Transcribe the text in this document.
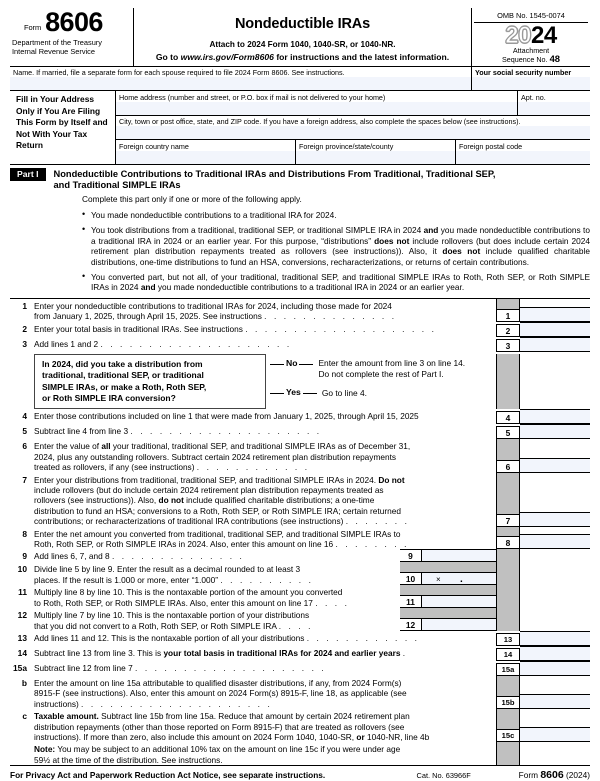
Form 8606
Department of the Treasury
Internal Revenue Service
Nondeductible IRAs
Attach to 2024 Form 1040, 1040-SR, or 1040-NR.
Go to www.irs.gov/Form8606 for instructions and the latest information.
OMB No. 1545-0074
2024
Attachment
Sequence No. 48
Name. If married, file a separate form for each spouse required to file 2024 Form 8606. See instructions.	Your social security number
Fill in Your Address Only if You Are Filing This Form by Itself and Not With Your Tax Return
Home address (number and street, or P.O. box if mail is not delivered to your home)	Apt. no.
City, town or post office, state, and ZIP code. If you have a foreign address, also complete the spaces below (see instructions).
Foreign country name	Foreign province/state/county	Foreign postal code
Part I	Nondeductible Contributions to Traditional IRAs and Distributions From Traditional, Traditional SEP,
and Traditional SIMPLE IRAs
Complete this part only if one or more of the following apply.
• You made nondeductible contributions to a traditional IRA for 2024.
• You took distributions from a traditional, traditional SEP, or traditional SIMPLE IRA in 2024 and you made nondeductible contributions to a traditional IRA in 2024 or an earlier year. For this purpose, “distributions” does not include rollovers (but does include certain 2024 retirement plan distribution repayments treated as rollovers (see instructions)). Also, it does not include qualified charitable distributions, one-time distributions to fund an HSA, conversions, recharacterizations, or returns of certain contributions.
• You converted part, but not all, of your traditional, traditional SEP, and traditional SIMPLE IRAs to Roth, Roth SEP, or Roth SIMPLE IRAs in 2024 and you made nondeductible contributions to a traditional IRA in 2024 or an earlier year.
1 Enter your nondeductible contributions to traditional IRAs for 2024, including those made for 2024
from January 1, 2025, through April 15, 2025. See instructions . . . . . . . . . . . . . .	1
2 Enter your total basis in traditional IRAs. See instructions . . . . . . . . . . . . . . . . . . . .	2
3 Add lines 1 and 2 . . . . . . . . . . . . . . . . . . . .	3
In 2024, did you take a distribution from
traditional, traditional SEP, or traditional
SIMPLE IRAs, or make a Roth, Roth SEP,
or Roth SIMPLE IRA conversion?
No	Enter the amount from line 3 on line 14.
Do not complete the rest of Part I.
Yes	Go to line 4.
4 Enter those contributions included on line 1 that were made from January 1, 2025, through April 15, 2025	4
5 Subtract line 4 from line 3 . . . . . . . . . . . . . . . . . . . .	5
6 Enter the value of all your traditional, traditional SEP, and traditional SIMPLE IRAs as of December 31,
2024, plus any outstanding rollovers. Subtract certain 2024 retirement plan distribution repayments
treated as rollovers, if any (see instructions) . . . . . . . . . . . .	6
7 Enter your distributions from traditional, traditional SEP, and traditional SIMPLE IRAs in 2024. Do not
include rollovers (but do include certain 2024 retirement plan distribution repayments treated as
rollovers (see instructions)). Also, do not include qualified charitable distributions; a one-time
distribution to fund an HSA; conversions to a Roth, Roth SEP, or Roth SIMPLE IRA; certain returned
contributions; or recharacterizations of traditional IRA contributions (see instructions) . . . . . . .	7
8 Enter the net amount you converted from traditional, traditional SEP, and traditional SIMPLE IRAs to
Roth, Roth SEP, or Roth SIMPLE IRAs in 2024. Also, enter this amount on line 16 . . . . . . . .	8
9 Add lines 6, 7, and 8 . . . . . . . . . . . . . .	9
10 Divide line 5 by line 9. Enter the result as a decimal rounded to at least 3
places. If the result is 1.000 or more, enter “1.000” . . . . . . . . . .	10	× .
11 Multiply line 8 by line 10. This is the nontaxable portion of the amount you converted
to Roth, Roth SEP, or Roth SIMPLE IRAs. Also, enter this amount on line 17 . . . .	11
12 Multiply line 7 by line 10. This is the nontaxable portion of your distributions
that you did not convert to a Roth, Roth SEP, or Roth SIMPLE IRA . . . .	12
13 Add lines 11 and 12. This is the nontaxable portion of all your distributions . . . . . . . . . . . .	13
14 Subtract line 13 from line 3. This is your total basis in traditional IRAs for 2024 and earlier years .	14
15a Subtract line 12 from line 7 . . . . . . . . . . . . . . . . . . . .	15a
b Enter the amount on line 15a attributable to qualified disaster distributions, if any, from 2024 Form(s)
8915-F (see instructions). Also, enter this amount on 2024 Form(s) 8915-F, line 18, as applicable (see
instructions) . . . . . . . . . . . . . . . . . . . .	15b
c Taxable amount. Subtract line 15b from line 15a. Reduce that amount by certain 2024 retirement plan
distribution repayments (other than those reported on Form 8915-F) that are treated as rollovers (see
instructions). If more than zero, also include this amount on 2024 Form 1040, 1040-SR, or 1040-NR, line 4b	15c
Note: You may be subject to an additional 10% tax on the amount on line 15c if you were under age
59½ at the time of the distribution. See instructions.
For Privacy Act and Paperwork Reduction Act Notice, see separate instructions.	Cat. No. 63966F	Form 8606 (2024)
